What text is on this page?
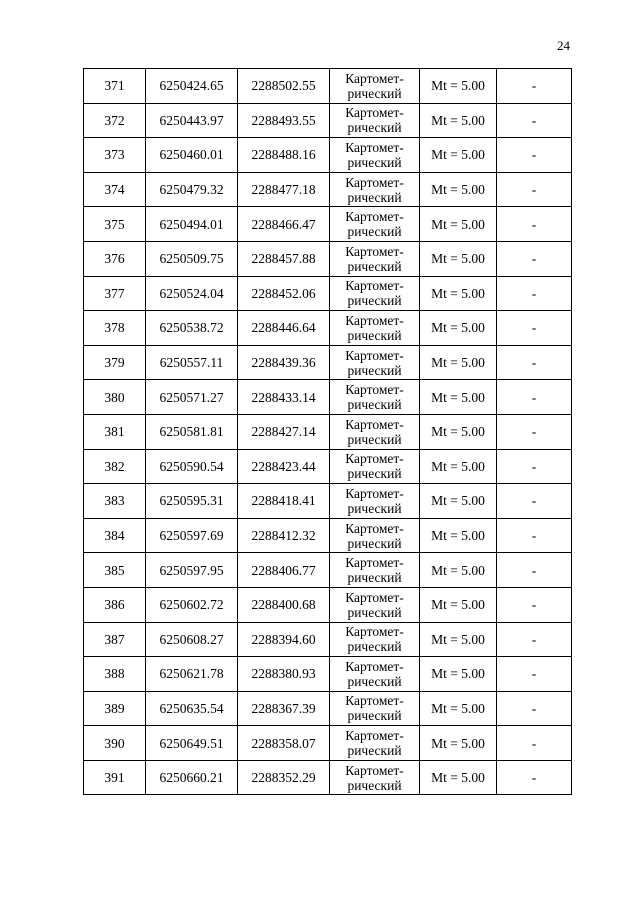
24
371	6250424.65	2288502.55	Картомет-
рический	Mt = 5.00	-
372	6250443.97	2288493.55	Картомет-
рический	Mt = 5.00	-
373	6250460.01	2288488.16	Картомет-
рический	Mt = 5.00	-
374	6250479.32	2288477.18	Картомет-
рический	Mt = 5.00	-
375	6250494.01	2288466.47	Картомет-
рический	Mt = 5.00	-
376	6250509.75	2288457.88	Картомет-
рический	Mt = 5.00	-
377	6250524.04	2288452.06	Картомет-
рический	Mt = 5.00	-
378	6250538.72	2288446.64	Картомет-
рический	Mt = 5.00	-
379	6250557.11	2288439.36	Картомет-
рический	Mt = 5.00	-
380	6250571.27	2288433.14	Картомет-
рический	Mt = 5.00	-
381	6250581.81	2288427.14	Картомет-
рический	Mt = 5.00	-
382	6250590.54	2288423.44	Картомет-
рический	Mt = 5.00	-
383	6250595.31	2288418.41	Картомет-
рический	Mt = 5.00	-
384	6250597.69	2288412.32	Картомет-
рический	Mt = 5.00	-
385	6250597.95	2288406.77	Картомет-
рический	Mt = 5.00	-
386	6250602.72	2288400.68	Картомет-
рический	Mt = 5.00	-
387	6250608.27	2288394.60	Картомет-
рический	Mt = 5.00	-
388	6250621.78	2288380.93	Картомет-
рический	Mt = 5.00	-
389	6250635.54	2288367.39	Картомет-
рический	Mt = 5.00	-
390	6250649.51	2288358.07	Картомет-
рический	Mt = 5.00	-
391	6250660.21	2288352.29	Картомет-
рический	Mt = 5.00	-
